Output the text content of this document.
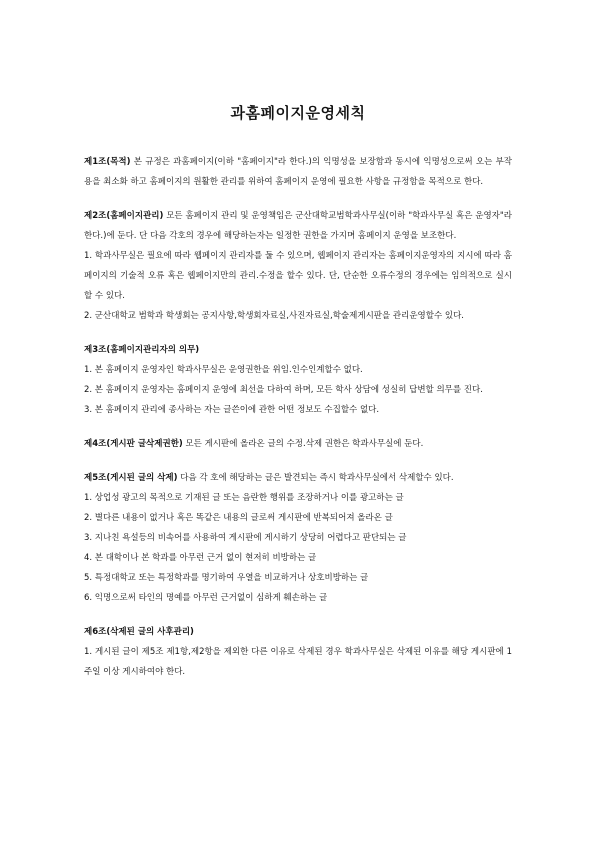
과홈페이지운영세칙

제1조(목적) 본 규정은 과홈페이지(이하 "홈페이지"라 한다.)의 익명성을 보장함과 동시에 익명성으로써 오는 부작용을 최소화 하고 홈페이지의 원활한 관리를 위하여 홈페이지 운영에 필요한 사항을 규정함을 목적으로 한다.

제2조(홈페이지관리) 모든 홈페이지 관리 및 운영책임은 군산대학교범학과사무실(이하 "학과사무실 혹은 운영자"라 한다.)에 둔다. 단 다음 각호의 경우에 해당하는자는 일정한 권한을 가지며 홈페이지 운영을 보조한다.

1. 학과사무실은 필요에 따라 웹페이지 관리자를 둘 수 있으며, 웹페이지 관리자는 홈페이지운영자의 지시에 따라 홈페이지의 기술적 오류 혹은 웹페이지만의 관리.수정을 할수 있다. 단, 단순한 오류수정의 경우에는 임의적으로 실시할 수 있다.

2. 군산대학교 범학과 학생회는 공지사항,학생회자료실,사진자료실,학술제게시판을 관리운영할수 있다.

제3조(홈페이지관리자의 의무)

1. 본 홈페이지 운영자인 학과사무실은 운영권한을 위임.인수인계할수 없다.

2. 본 홈페이지 운영자는 홈페이지 운영에 최선을 다하여 하며, 모든 학사 상담에 성실히 답변할 의무를 진다.

3. 본 홈페이지 관리에 종사하는 자는 글쓴이에 관한 어떤 정보도 수집할수 없다.

제4조(게시판 글삭제권한) 모든 게시판에 올라온 글의 수정.삭제 권한은 학과사무실에 둔다.

제5조(게시된 글의 삭제) 다음 각 호에 해당하는 글은 발견되는 즉시 학과사무실에서 삭제할수 있다.

1. 상업성 광고의 목적으로 기재된 글 또는 음란한 행위를 조장하거나 이를 광고하는 글

2. 별다른 내용이 없거나 혹은 똑같은 내용의 글로써 게시판에 반복되어져 올라온 글

3. 지나친 욕설등의 비속어를 사용하여 게시판에 게시하기 상당히 어렵다고 판단되는 글

4. 본 대학이나 본 학과를 아무런 근거 없이 현저히 비방하는 글

5. 특정대학교 또는 특정학과를 명기하여 우열을 비교하거나 상호비방하는 글

6. 익명으로써 타인의 명예를 아무런 근거없이 심하게 훼손하는 글

제6조(삭제된 글의 사후관리)

1. 게시된 글이 제5조 제1항,제2항을 제외한 다른 이유로 삭제된 경우 학과사무실은 삭제된 이유를 해당 게시판에 1주일 이상 게시하여야 한다.
